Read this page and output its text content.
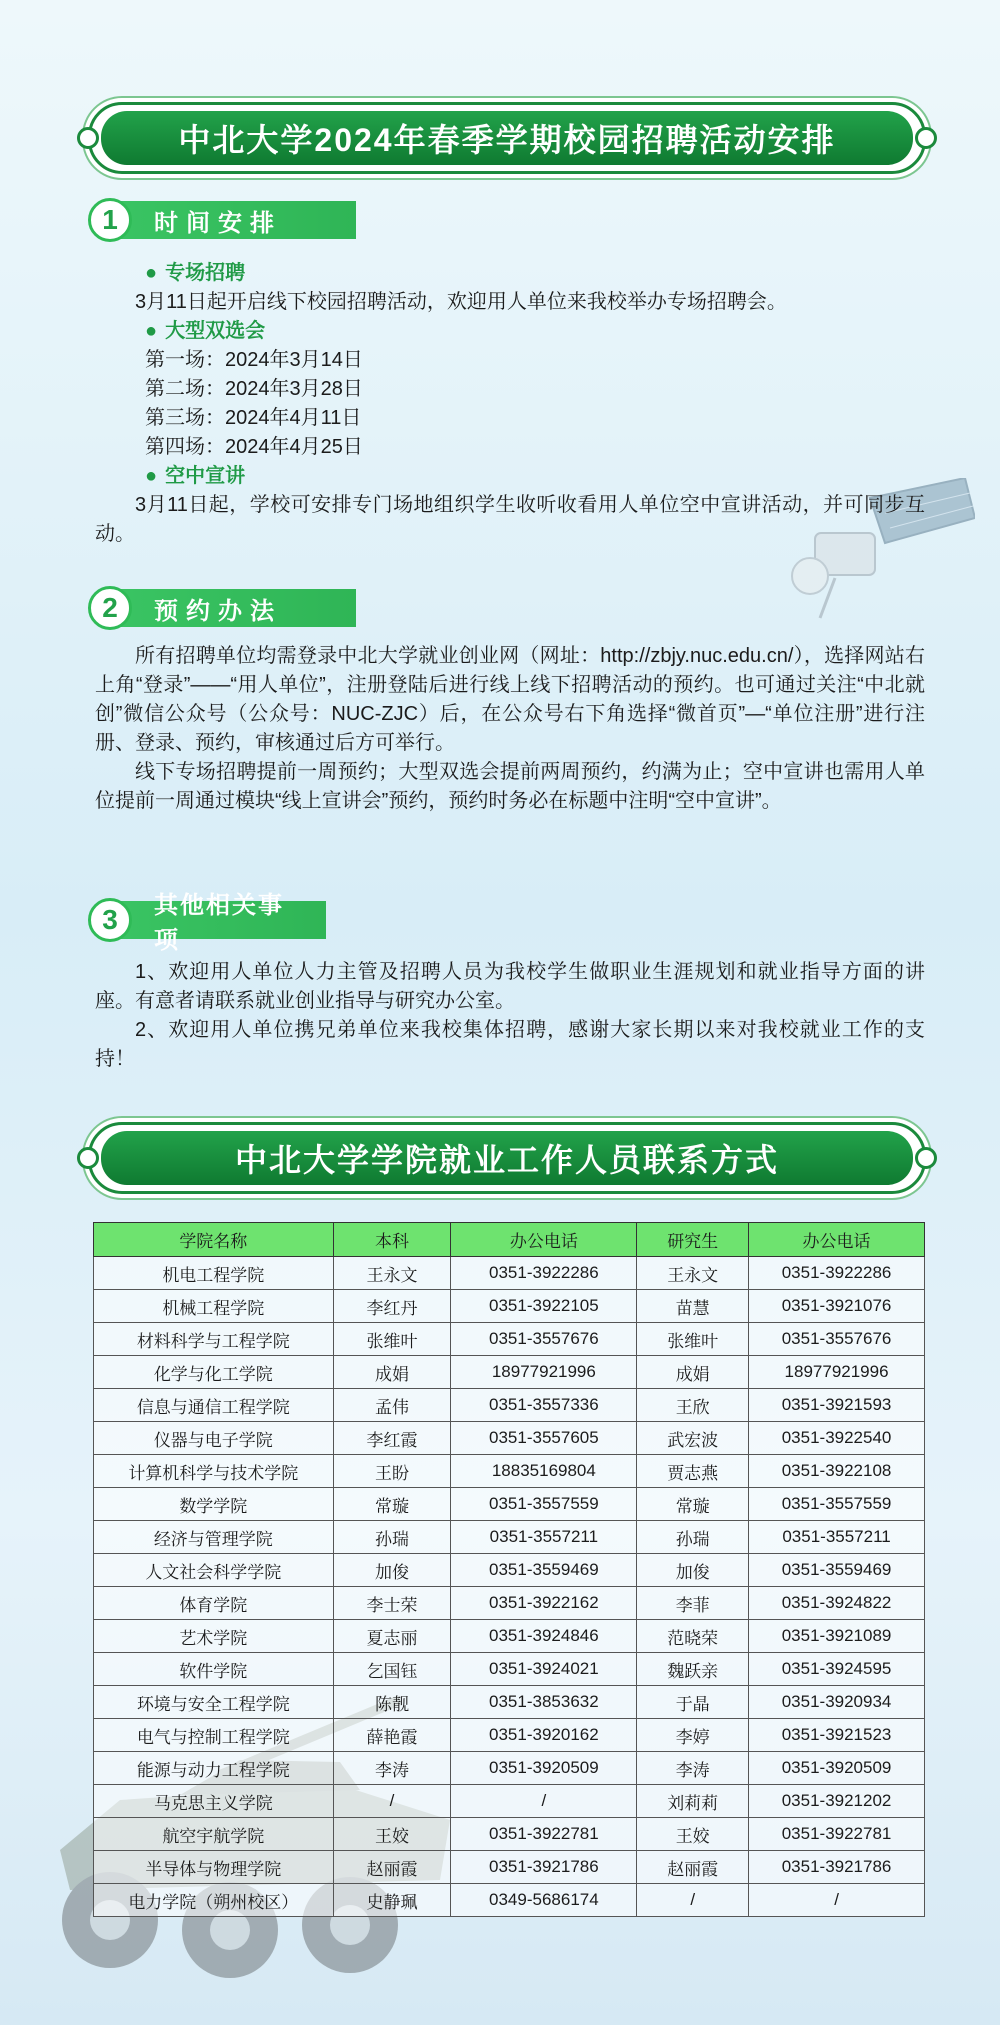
中北大学2024年春季学期校园招聘活动安排
1	时间安排
● 专场招聘
3月11日起开启线下校园招聘活动，欢迎用人单位来我校举办专场招聘会。
● 大型双选会
第一场：2024年3月14日
第二场：2024年3月28日
第三场：2024年4月11日
第四场：2024年4月25日
● 空中宣讲
3月11日起，学校可安排专门场地组织学生收听收看用人单位空中宣讲活动，并可同步互动。
2	预约办法
所有招聘单位均需登录中北大学就业创业网（网址：http://zbjy.nuc.edu.cn/），选择网站右上角“登录”——“用人单位”，注册登陆后进行线上线下招聘活动的预约。也可通过关注“中北就创”微信公众号（公众号：NUC-ZJC）后，在公众号右下角选择“微首页”—“单位注册”进行注册、登录、预约，审核通过后方可举行。
线下专场招聘提前一周预约；大型双选会提前两周预约，约满为止；空中宣讲也需用人单位提前一周通过模块“线上宣讲会”预约，预约时务必在标题中注明“空中宣讲”。
3	其他相关事项
1、欢迎用人单位人力主管及招聘人员为我校学生做职业生涯规划和就业指导方面的讲座。有意者请联系就业创业指导与研究办公室。
2、欢迎用人单位携兄弟单位来我校集体招聘，感谢大家长期以来对我校就业工作的支持！
中北大学学院就业工作人员联系方式
学院名称	本科	办公电话	研究生	办公电话
机电工程学院	王永文	0351-3922286	王永文	0351-3922286
机械工程学院	李红丹	0351-3922105	苗慧	0351-3921076
材料科学与工程学院	张维叶	0351-3557676	张维叶	0351-3557676
化学与化工学院	成娟	18977921996	成娟	18977921996
信息与通信工程学院	孟伟	0351-3557336	王欣	0351-3921593
仪器与电子学院	李红霞	0351-3557605	武宏波	0351-3922540
计算机科学与技术学院	王盼	18835169804	贾志燕	0351-3922108
数学学院	常璇	0351-3557559	常璇	0351-3557559
经济与管理学院	孙瑞	0351-3557211	孙瑞	0351-3557211
人文社会科学学院	加俊	0351-3559469	加俊	0351-3559469
体育学院	李士荣	0351-3922162	李菲	0351-3924822
艺术学院	夏志丽	0351-3924846	范晓荣	0351-3921089
软件学院	乞国钰	0351-3924021	魏跃亲	0351-3924595
环境与安全工程学院	陈靓	0351-3853632	于晶	0351-3920934
电气与控制工程学院	薛艳霞	0351-3920162	李婷	0351-3921523
能源与动力工程学院	李涛	0351-3920509	李涛	0351-3920509
马克思主义学院	/	/	刘莉莉	0351-3921202
航空宇航学院	王姣	0351-3922781	王姣	0351-3922781
半导体与物理学院	赵丽霞	0351-3921786	赵丽霞	0351-3921786
电力学院（朔州校区）	史静珮	0349-5686174	/	/
